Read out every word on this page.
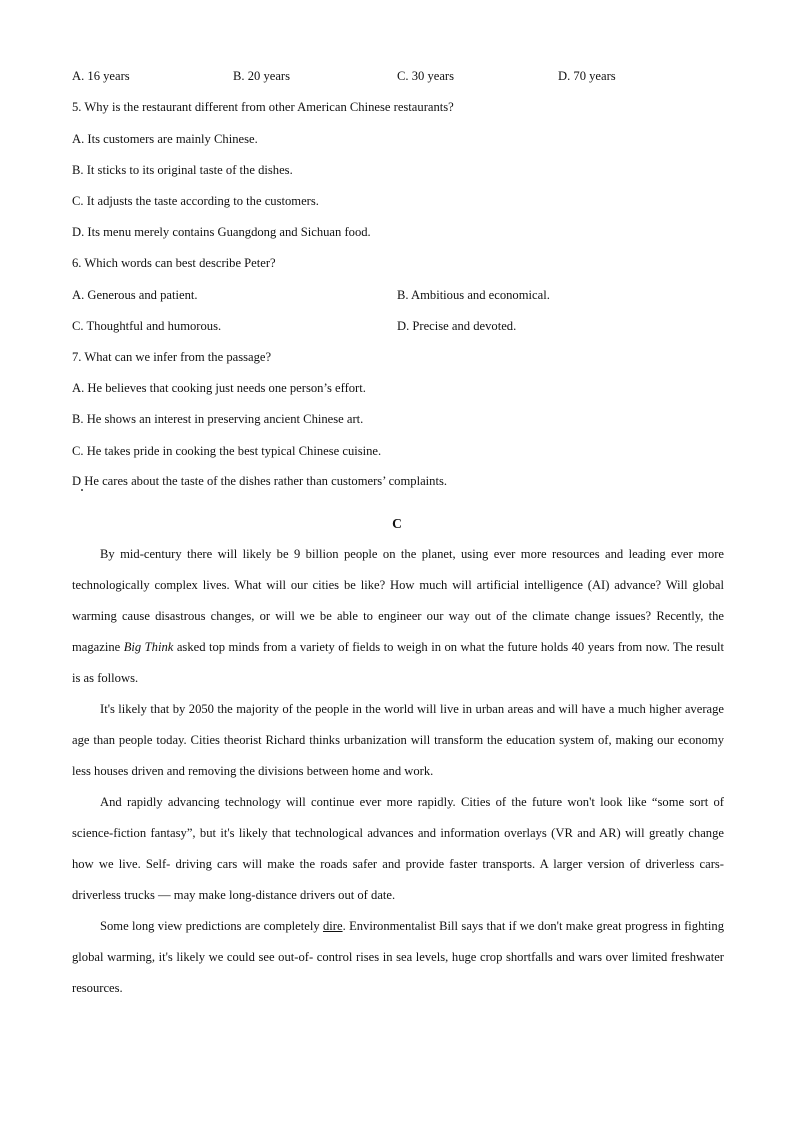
A. 16 years	B. 20 years	C. 30 years	D. 70 years
5. Why is the restaurant different from other American Chinese restaurants?
A. Its customers are mainly Chinese.
B. It sticks to its original taste of the dishes.
C. It adjusts the taste according to the customers.
D. Its menu merely contains Guangdong and Sichuan food.
6. Which words can best describe Peter?
A. Generous and patient.	B. Ambitious and economical.
C. Thoughtful and humorous.	D. Precise and devoted.
7. What can we infer from the passage?
A. He believes that cooking just needs one person’s effort.
B. He shows an interest in preserving ancient Chinese art.
C. He takes pride in cooking the best typical Chinese cuisine.
D He cares about the taste of the dishes rather than customers’ complaints.
C

By mid-century there will likely be 9 billion people on the planet, using ever more resources and leading ever more technologically complex lives. What will our cities be like? How much will artificial intelligence (AI) advance? Will global warming cause disastrous changes, or will we be able to engineer our way out of the climate change issues? Recently, the magazine Big Think asked top minds from a variety of fields to weigh in on what the future holds 40 years from now. The result is as follows.

It's likely that by 2050 the majority of the people in the world will live in urban areas and will have a much higher average age than people today. Cities theorist Richard thinks urbanization will transform the education system of, making our economy less houses driven and removing the divisions between home and work.

And rapidly advancing technology will continue ever more rapidly. Cities of the future won't look like “some sort of science-fiction fantasy”, but it's likely that technological advances and information overlays (VR and AR) will greatly change how we live. Self- driving cars will make the roads safer and provide faster transports. A larger version of driverless cars-driverless trucks — may make long-distance drivers out of date.

Some long view predictions are completely dire. Environmentalist Bill says that if we don't make great progress in fighting global warming, it's likely we could see out-of- control rises in sea levels, huge crop shortfalls and wars over limited freshwater resources.
